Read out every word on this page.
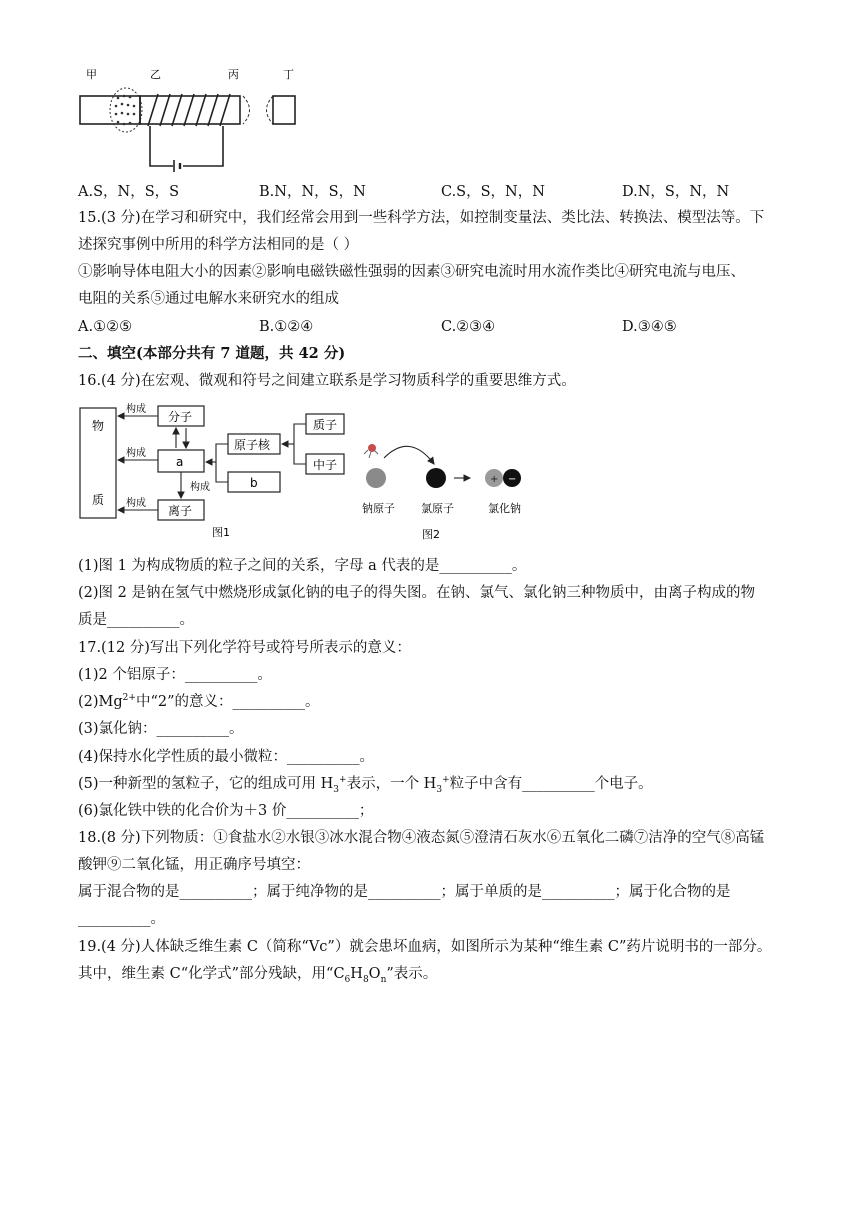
甲	乙	丙	丁
A.S，N，S，S	B.N，N，S，N	C.S，S，N，N	D.N，S，N，N
15.(3 分)在学习和研究中，我们经常会用到一些科学方法，如控制变量法、类比法、转换法、模型法等。下
述探究事例中所用的科学方法相同的是（ ）
①影响导体电阻大小的因素②影响电磁铁磁性强弱的因素③研究电流时用水流作类比④研究电流与电压、
电阻的关系⑤通过电解水来研究水的组成
A.①②⑤	B.①②④	C.②③④	D.③④⑤
二、填空(本部分共有 7 道题，共 42 分)
16.(4 分)在宏观、微观和符号之间建立联系是学习物质科学的重要思维方式。
物
质
分子
a
离子
构成
构成
构成
构成
原子核
b
质子
中子
图1
钠原子 氯原子
图2
+ −
氯化钠
(1)图 1 为构成物质的粒子之间的关系，字母 a 代表的是__________。
(2)图 2 是钠在氢气中燃烧形成氯化钠的电子的得失图。在钠、氯气、氯化钠三种物质中，由离子构成的物
质是__________。
17.(12 分)写出下列化学符号或符号所表示的意义：
(1)2 个铝原子：__________。
$(2)Mg^{2+}$中“2”的意义：__________。
(3)氯化钠：__________。
(4)保持水化学性质的最小微粒：__________。
(5)一种新型的氢粒子，它的组成可用 $H_3^+$表示，一个 $H_3^+$粒子中含有__________个电子。
(6)氯化铁中铁的化合价为＋3 价__________；
18.(8 分)下列物质：①食盐水②水银③冰水混合物④液态氮⑤澄清石灰水⑥五氧化二磷⑦洁净的空气⑧高锰
酸钾⑨二氧化锰，用正确序号填空：
属于混合物的是__________；属于纯净物的是__________；属于单质的是__________；属于化合物的是
__________。
19.(4 分)人体缺乏维生素 C（简称“Vc”）就会患坏血病，如图所示为某种“维生素 C”药片说明书的一部分。
其中，维生素 C“化学式”部分残缺，用“$C_6H_8O_n$”表示。
